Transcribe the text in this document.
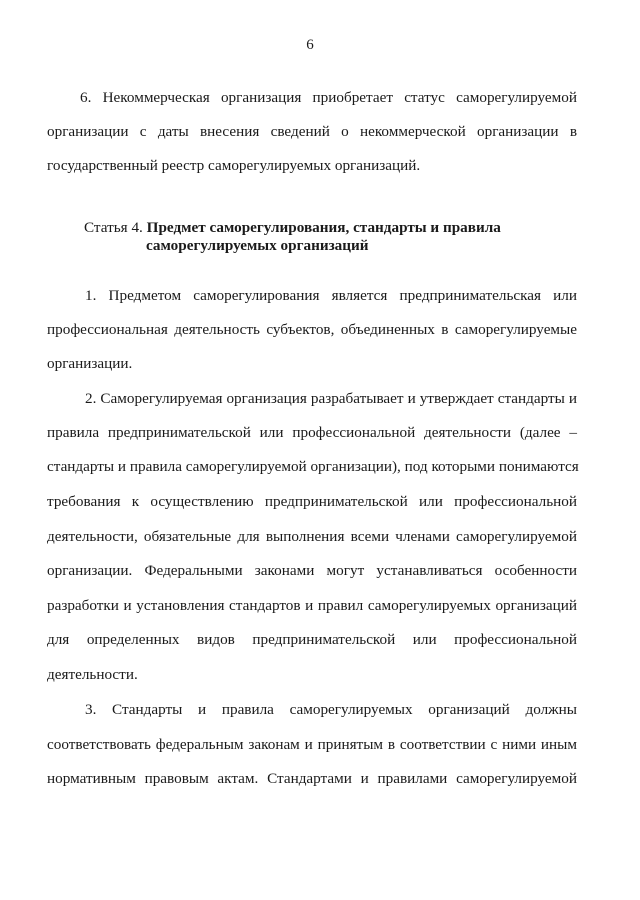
6
6. Некоммерческая организация приобретает статус саморегулируемой
организации с даты внесения сведений о некоммерческой организации в
государственный реестр саморегулируемых организаций.
Статья 4. Предмет саморегулирования, стандарты и правила
саморегулируемых организаций
1. Предметом саморегулирования является предпринимательская или
профессиональная деятельность субъектов, объединенных в саморегулируемые
организации.
2. Саморегулируемая организация разрабатывает и утверждает стандарты и
правила предпринимательской или профессиональной деятельности (далее –
стандарты и правила саморегулируемой организации), под которыми понимаются
требования к осуществлению предпринимательской или профессиональной
деятельности, обязательные для выполнения всеми членами саморегулируемой
организации. Федеральными законами могут устанавливаться особенности
разработки и установления стандартов и правил саморегулируемых организаций
для определенных видов предпринимательской или профессиональной
деятельности.
3. Стандарты и правила саморегулируемых организаций должны
соответствовать федеральным законам и принятым в соответствии с ними иным
нормативным правовым актам. Стандартами и правилами саморегулируемой
